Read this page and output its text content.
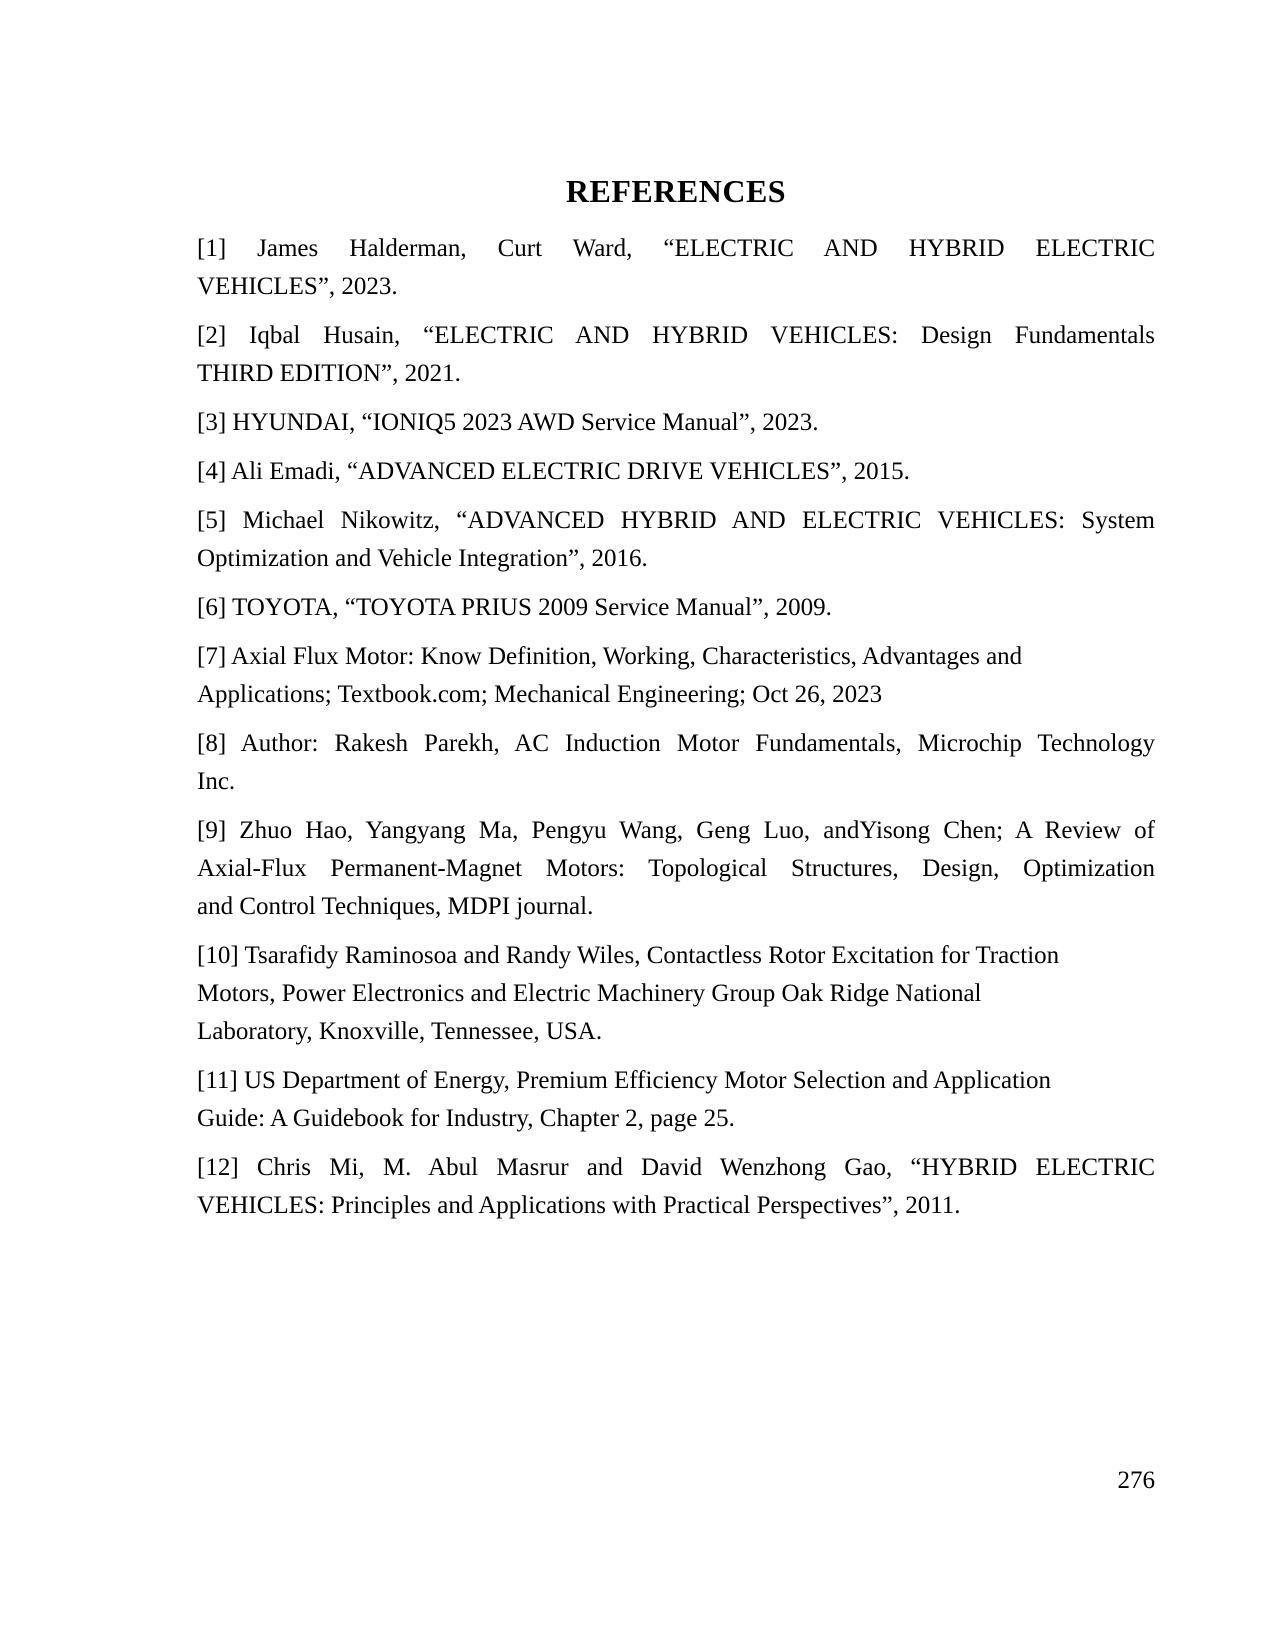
REFERENCES
[1] James Halderman, Curt Ward, “ELECTRIC AND HYBRID ELECTRIC
VEHICLES”, 2023.
[2] Iqbal Husain, “ELECTRIC AND HYBRID VEHICLES: Design Fundamentals
THIRD EDITION”, 2021.
[3] HYUNDAI, “IONIQ5 2023 AWD Service Manual”, 2023.
[4] Ali Emadi, “ADVANCED ELECTRIC DRIVE VEHICLES”, 2015.
[5] Michael Nikowitz, “ADVANCED HYBRID AND ELECTRIC VEHICLES: System
Optimization and Vehicle Integration”, 2016.
[6] TOYOTA, “TOYOTA PRIUS 2009 Service Manual”, 2009.
[7] Axial Flux Motor: Know Definition, Working, Characteristics, Advantages and
Applications; Textbook.com; Mechanical Engineering; Oct 26, 2023
[8] Author: Rakesh Parekh, AC Induction Motor Fundamentals, Microchip Technology
Inc.
[9] Zhuo Hao, Yangyang Ma, Pengyu Wang, Geng Luo, andYisong Chen; A Review of
Axial-Flux Permanent-Magnet Motors: Topological Structures, Design, Optimization
and Control Techniques, MDPI journal.
[10] Tsarafidy Raminosoa and Randy Wiles, Contactless Rotor Excitation for Traction
Motors, Power Electronics and Electric Machinery Group Oak Ridge National
Laboratory, Knoxville, Tennessee, USA.
[11] US Department of Energy, Premium Efficiency Motor Selection and Application
Guide: A Guidebook for Industry, Chapter 2, page 25.
[12] Chris Mi, M. Abul Masrur and David Wenzhong Gao, “HYBRID ELECTRIC
VEHICLES: Principles and Applications with Practical Perspectives”, 2011.
276
